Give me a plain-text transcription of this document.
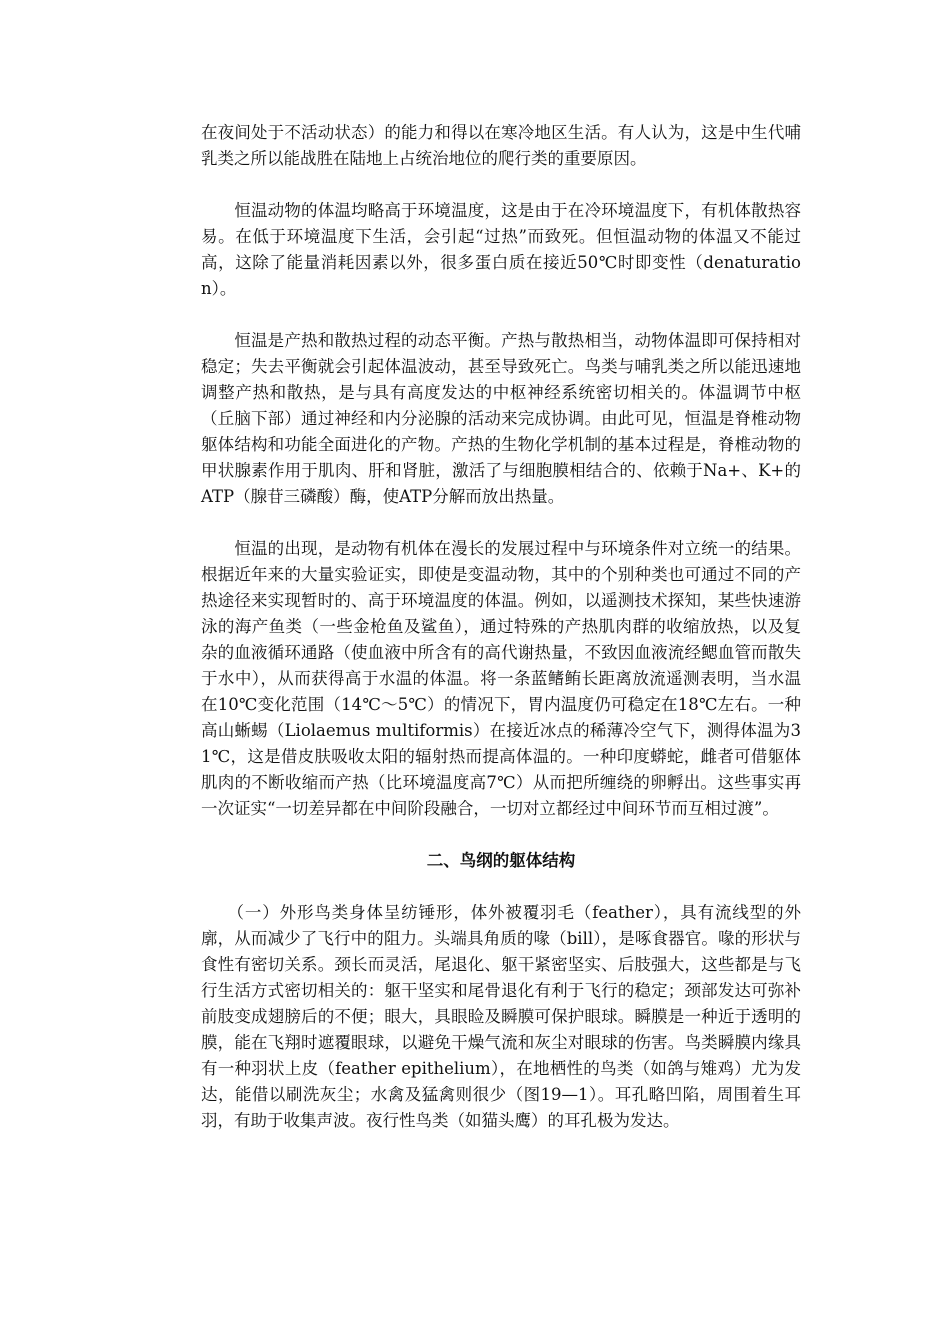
在夜间处于不活动状态）的能力和得以在寒冷地区生活。有人认为，这是中生代哺乳类之所以能战胜在陆地上占统治地位的爬行类的重要原因。

　　恒温动物的体温均略高于环境温度，这是由于在冷环境温度下，有机体散热容易。在低于环境温度下生活，会引起“过热”而致死。但恒温动物的体温又不能过高，这除了能量消耗因素以外，很多蛋白质在接近50℃时即变性（denaturation）。

　　恒温是产热和散热过程的动态平衡。产热与散热相当，动物体温即可保持相对稳定；失去平衡就会引起体温波动，甚至导致死亡。鸟类与哺乳类之所以能迅速地调整产热和散热，是与具有高度发达的中枢神经系统密切相关的。体温调节中枢（丘脑下部）通过神经和内分泌腺的活动来完成协调。由此可见，恒温是脊椎动物躯体结构和功能全面进化的产物。产热的生物化学机制的基本过程是，脊椎动物的甲状腺素作用于肌肉、肝和肾脏，激活了与细胞膜相结合的、依赖于Na+、K+的ATP（腺苷三磷酸）酶，使ATP分解而放出热量。

　　恒温的出现，是动物有机体在漫长的发展过程中与环境条件对立统一的结果。根据近年来的大量实验证实，即使是变温动物，其中的个别种类也可通过不同的产热途径来实现暂时的、高于环境温度的体温。例如，以遥测技术探知，某些快速游泳的海产鱼类（一些金枪鱼及鲨鱼），通过特殊的产热肌肉群的收缩放热，以及复杂的血液循环通路（使血液中所含有的高代谢热量，不致因血液流经鳃血管而散失于水中），从而获得高于水温的体温。将一条蓝鳍鲔长距离放流遥测表明，当水温在10℃变化范围（14℃～5℃）的情况下，胃内温度仍可稳定在18℃左右。一种高山蜥蜴（Liolaemus multiformis）在接近冰点的稀薄冷空气下，测得体温为31℃，这是借皮肤吸收太阳的辐射热而提高体温的。一种印度蟒蛇，雌者可借躯体肌肉的不断收缩而产热（比环境温度高7℃）从而把所缠绕的卵孵出。这些事实再一次证实“一切差异都在中间阶段融合，一切对立都经过中间环节而互相过渡”。

二、鸟纲的躯体结构

　　（一）外形鸟类身体呈纺锤形，体外被覆羽毛（feather），具有流线型的外廓，从而减少了飞行中的阻力。头端具角质的喙（bill），是啄食器官。喙的形状与食性有密切关系。颈长而灵活，尾退化、躯干紧密坚实、后肢强大，这些都是与飞行生活方式密切相关的：躯干坚实和尾骨退化有利于飞行的稳定；颈部发达可弥补前肢变成翅膀后的不便；眼大，具眼睑及瞬膜可保护眼球。瞬膜是一种近于透明的膜，能在飞翔时遮覆眼球，以避免干燥气流和灰尘对眼球的伤害。鸟类瞬膜内缘具有一种羽状上皮（feather epithelium），在地栖性的鸟类（如鸽与雉鸡）尤为发达，能借以刷洗灰尘；水禽及猛禽则很少（图19—1）。耳孔略凹陷，周围着生耳羽，有助于收集声波。夜行性鸟类（如猫头鹰）的耳孔极为发达。
